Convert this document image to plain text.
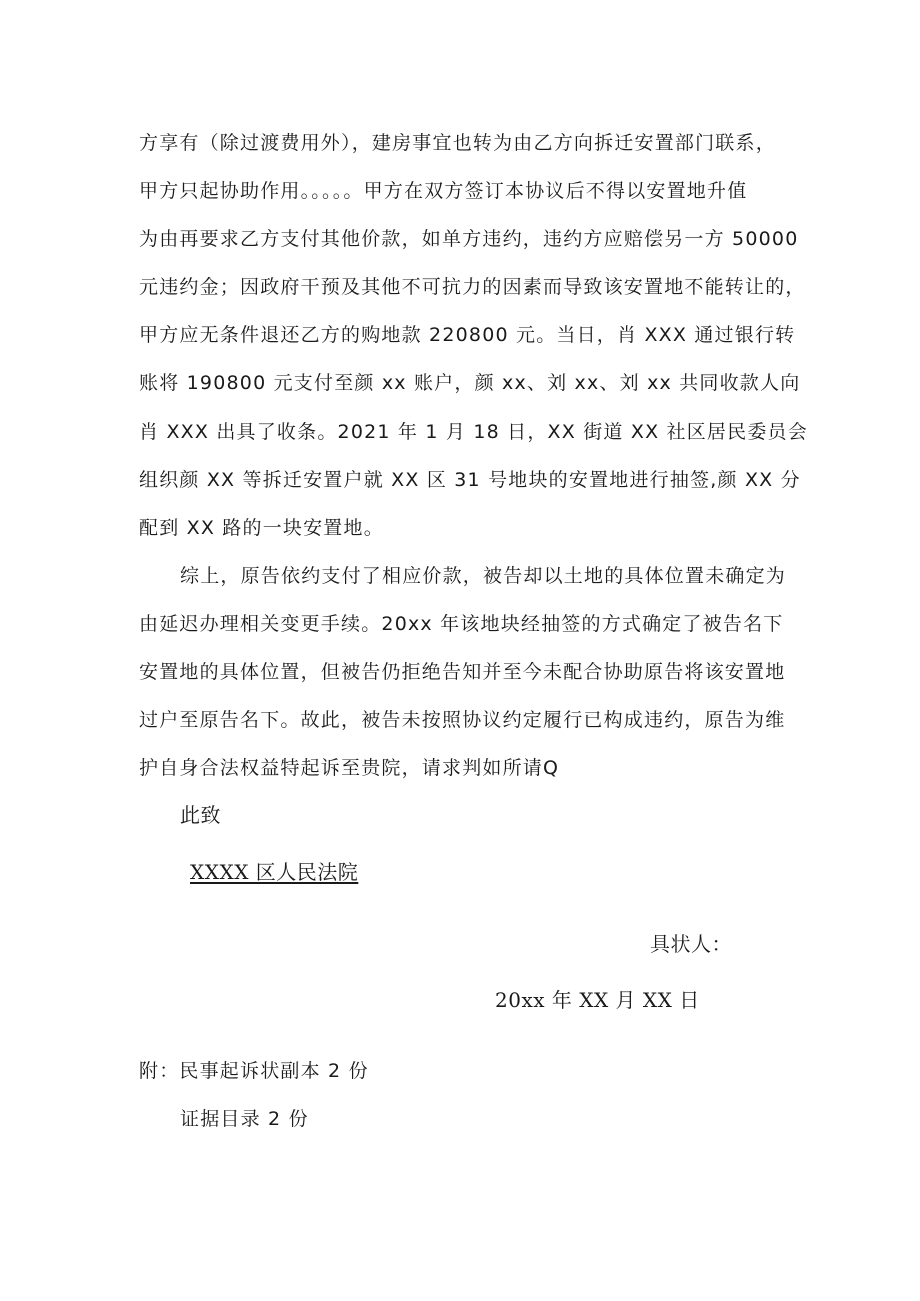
方享有（除过渡费用外），建房事宜也转为由乙方向拆迁安置部门联系，
甲方只起协助作用。。。。。甲方在双方签订本协议后不得以安置地升值
为由再要求乙方支付其他价款，如单方违约，违约方应赔偿另一方 50000
元违约金；因政府干预及其他不可抗力的因素而导致该安置地不能转让的，
甲方应无条件退还乙方的购地款 220800 元。当日，肖 XXX 通过银行转
账将 190800 元支付至颜 xx 账户，颜 xx、刘 xx、刘 xx 共同收款人向
肖 XXX 出具了收条。2021 年 1 月 18 日，XX 街道 XX 社区居民委员会
组织颜 XX 等拆迁安置户就 XX 区 31 号地块的安置地进行抽签,颜 XX 分
配到 XX 路的一块安置地。
综上，原告依约支付了相应价款，被告却以土地的具体位置未确定为
由延迟办理相关变更手续。20xx 年该地块经抽签的方式确定了被告名下
安置地的具体位置，但被告仍拒绝告知并至今未配合协助原告将该安置地
过户至原告名下。故此，被告未按照协议约定履行已构成违约，原告为维
护自身合法权益特起诉至贵院，请求判如所请Q
此致
XXXX 区人民法院
具状人：
20xx 年 XX 月 XX 日
附：民事起诉状副本 2 份
证据目录 2 份
